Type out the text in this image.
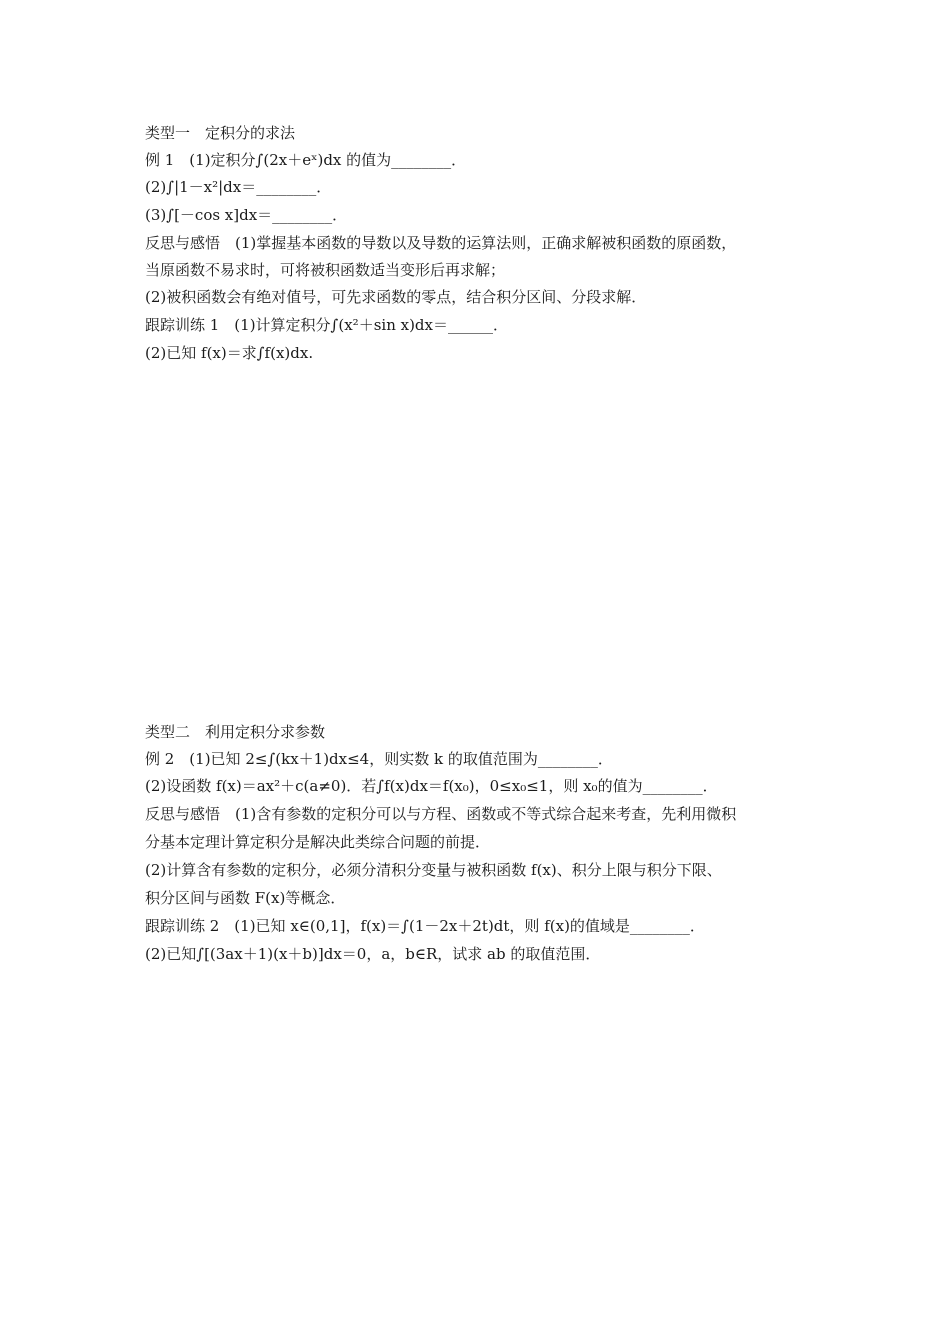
类型一　定积分的求法
例 1　(1)定积分∫(2x＋eˣ)dx 的值为________．
(2)∫|1－x²|dx＝________．
(3)∫[－cos x]dx＝________．
反思与感悟　(1)掌握基本函数的导数以及导数的运算法则，正确求解被积函数的原函数，
当原函数不易求时，可将被积函数适当变形后再求解；
(2)被积函数会有绝对值号，可先求函数的零点，结合积分区间、分段求解．
跟踪训练 1　(1)计算定积分∫(x²＋sin x)dx＝______．
(2)已知 f(x)＝求∫f(x)dx.
类型二　利用定积分求参数
例 2　(1)已知 2≤∫(kx＋1)dx≤4，则实数 k 的取值范围为________．
(2)设函数 f(x)＝ax²＋c(a≠0)．若∫f(x)dx＝f(x₀)，0≤x₀≤1，则 x₀的值为________．
反思与感悟　(1)含有参数的定积分可以与方程、函数或不等式综合起来考查，先利用微积
分基本定理计算定积分是解决此类综合问题的前提．
(2)计算含有参数的定积分，必须分清积分变量与被积函数 f(x)、积分上限与积分下限、
积分区间与函数 F(x)等概念．
跟踪训练 2　(1)已知 x∈(0,1]，f(x)＝∫(1－2x＋2t)dt，则 f(x)的值域是________．
(2)已知∫[(3ax＋1)(x＋b)]dx＝0，a，b∈R，试求 ab 的取值范围．
